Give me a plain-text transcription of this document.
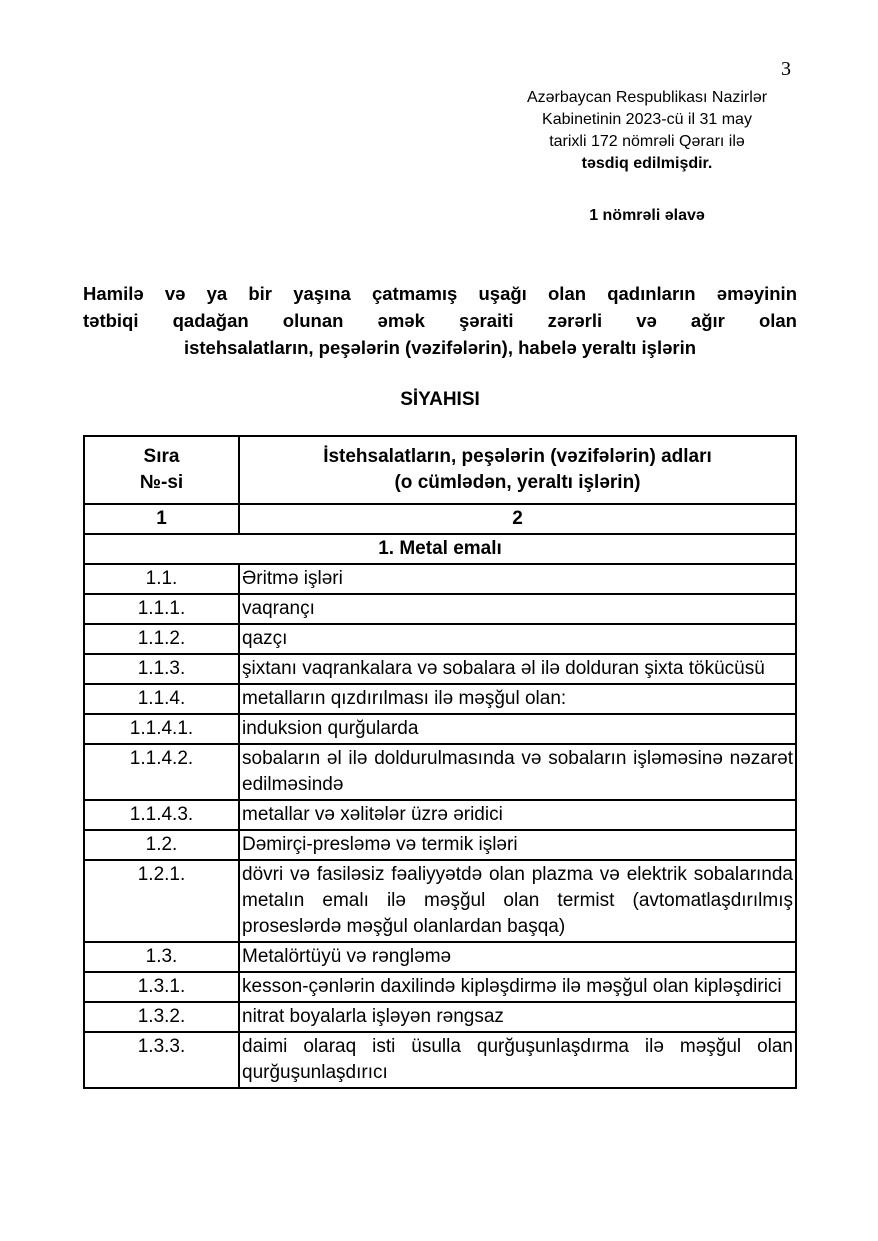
3
Azərbaycan Respublikası Nazirlər
Kabinetinin 2023-cü il 31 may
tarixli 172 nömrəli Qərarı ilə
təsdiq edilmişdir.
1 nömrəli əlavə
Hamilə və ya bir yaşına çatmamış uşağı olan qadınların əməyinin
tətbiqi qadağan olunan əmək şəraiti zərərli və ağır olan
istehsalatların, peşələrin (vəzifələrin), habelə yeraltı işlərin
SİYAHISI
Sıra
№-si

İstehsalatların, peşələrin (vəzifələrin) adları
(o cümlədən, yeraltı işlərin)

1	2
1. Metal emalı	
1.1.	Əritmə işləri
1.1.1.	vaqrançı
1.1.2.	qazçı
1.1.3.	şixtanı vaqrankalara və sobalara əl ilə dolduran şixta tökücüsü
1.1.4.	metalların qızdırılması ilə məşğul olan:
1.1.4.1.	induksion qurğularda
1.1.4.2.	sobaların əl ilə doldurulmasında və sobaların işləməsinə nəzarət edilməsində
1.1.4.3.	metallar və xəlitələr üzrə əridici
1.2.	Dəmirçi-presləmə və termik işləri
1.2.1.	dövri və fasiləsiz fəaliyyətdə olan plazma və elektrik sobalarında metalın emalı ilə məşğul olan termist (avtomatlaşdırılmış proseslərdə məşğul olanlardan başqa)
1.3.	Metalörtüyü və rəngləmə
1.3.1.	kesson-çənlərin daxilində kipləşdirmə ilə məşğul olan kipləşdirici
1.3.2.	nitrat boyalarla işləyən rəngsaz
1.3.3.	daimi olaraq isti üsulla qurğuşunlaşdırma ilə məşğul olan qurğuşunlaşdırıcı
